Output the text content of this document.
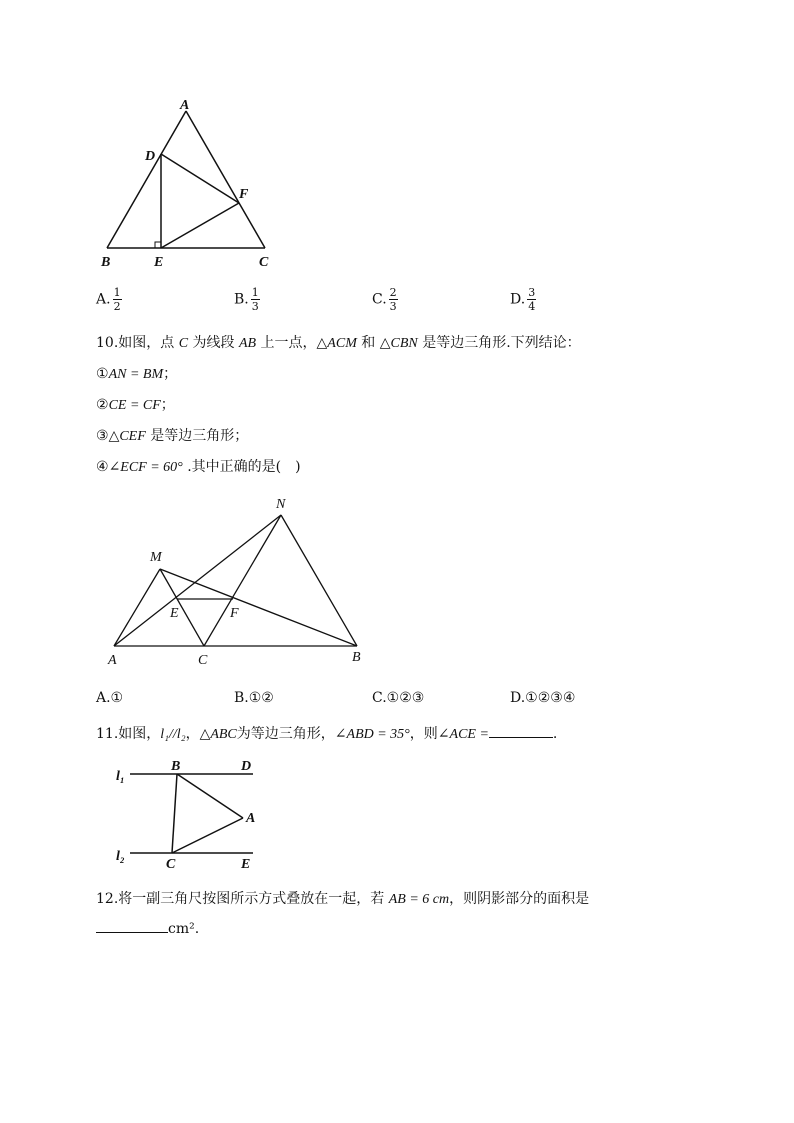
A
D
F
B	E	C
A. $\frac{1}{2}$	B. $\frac{1}{3}$	C. $\frac{2}{3}$	D. $\frac{3}{4}$
10.如图，点 C 为线段 AB 上一点，△ACM 和 △CBN 是等边三角形.下列结论：
①AN = BM；
②CE = CF；
③△CEF 是等边三角形；
④∠ECF = 60° .其中正确的是(　)
N
M
E	F
A	C	B
A.①	B.①②	C.①②③	D.①②③④
11.如图，l₁//l₂，△ABC为等边三角形，∠ABD = 35°，则∠ACE =	.
l₁
l₂
B	D
A
C	E
12.将一副三角尺按图所示方式叠放在一起，若 AB = 6 cm，则阴影部分的面积是
cm².
